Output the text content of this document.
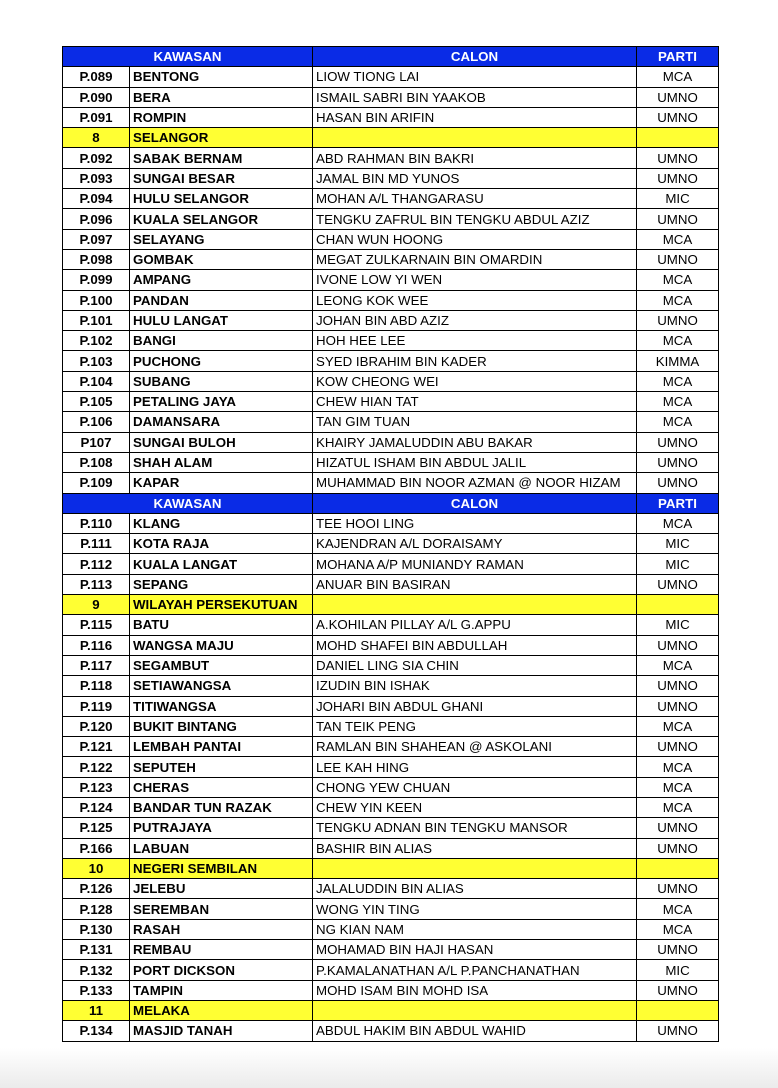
KAWASAN		CALON	PARTI
P.089	BENTONG	LIOW TIONG LAI	MCA
P.090	BERA	ISMAIL SABRI BIN YAAKOB	UMNO
P.091	ROMPIN	HASAN BIN ARIFIN	UMNO
8	SELANGOR		
P.092	SABAK BERNAM	ABD RAHMAN BIN BAKRI	UMNO
P.093	SUNGAI BESAR	JAMAL BIN MD YUNOS	UMNO
P.094	HULU SELANGOR	MOHAN A/L THANGARASU	MIC
P.096	KUALA SELANGOR	TENGKU ZAFRUL BIN TENGKU ABDUL AZIZ	UMNO
P.097	SELAYANG	CHAN WUN HOONG	MCA
P.098	GOMBAK	MEGAT ZULKARNAIN BIN OMARDIN	UMNO
P.099	AMPANG	IVONE LOW YI WEN	MCA
P.100	PANDAN	LEONG KOK WEE	MCA
P.101	HULU LANGAT	JOHAN BIN ABD AZIZ	UMNO
P.102	BANGI	HOH HEE LEE	MCA
P.103	PUCHONG	SYED IBRAHIM BIN KADER	KIMMA
P.104	SUBANG	KOW CHEONG WEI	MCA
P.105	PETALING JAYA	CHEW HIAN TAT	MCA
P.106	DAMANSARA	TAN GIM TUAN	MCA
P107	SUNGAI BULOH	KHAIRY JAMALUDDIN ABU BAKAR	UMNO
P.108	SHAH ALAM	HIZATUL ISHAM BIN ABDUL JALIL	UMNO
P.109	KAPAR	MUHAMMAD BIN NOOR AZMAN @ NOOR HIZAM	UMNO
KAWASAN		CALON	PARTI
P.110	KLANG	TEE HOOI LING	MCA
P.111	KOTA RAJA	KAJENDRAN A/L DORAISAMY	MIC
P.112	KUALA LANGAT	MOHANA A/P MUNIANDY RAMAN	MIC
P.113	SEPANG	ANUAR BIN BASIRAN	UMNO
9	WILAYAH PERSEKUTUAN		
P.115	BATU	A.KOHILAN PILLAY A/L G.APPU	MIC
P.116	WANGSA MAJU	MOHD SHAFEI BIN ABDULLAH	UMNO
P.117	SEGAMBUT	DANIEL LING SIA CHIN	MCA
P.118	SETIAWANGSA	IZUDIN BIN ISHAK	UMNO
P.119	TITIWANGSA	JOHARI BIN ABDUL GHANI	UMNO
P.120	BUKIT BINTANG	TAN TEIK PENG	MCA
P.121	LEMBAH PANTAI	RAMLAN BIN SHAHEAN @ ASKOLANI	UMNO
P.122	SEPUTEH	LEE KAH HING	MCA
P.123	CHERAS	CHONG YEW CHUAN	MCA
P.124	BANDAR TUN RAZAK	CHEW YIN KEEN	MCA
P.125	PUTRAJAYA	TENGKU ADNAN BIN TENGKU MANSOR	UMNO
P.166	LABUAN	BASHIR BIN ALIAS	UMNO
10	NEGERI SEMBILAN		
P.126	JELEBU	JALALUDDIN BIN ALIAS	UMNO
P.128	SEREMBAN	WONG YIN TING	MCA
P.130	RASAH	NG KIAN NAM	MCA
P.131	REMBAU	MOHAMAD BIN HAJI HASAN	UMNO
P.132	PORT DICKSON	P.KAMALANATHAN A/L P.PANCHANATHAN	MIC
P.133	TAMPIN	MOHD ISAM BIN MOHD ISA	UMNO
11	MELAKA		
P.134	MASJID TANAH	ABDUL HAKIM BIN ABDUL WAHID	UMNO
